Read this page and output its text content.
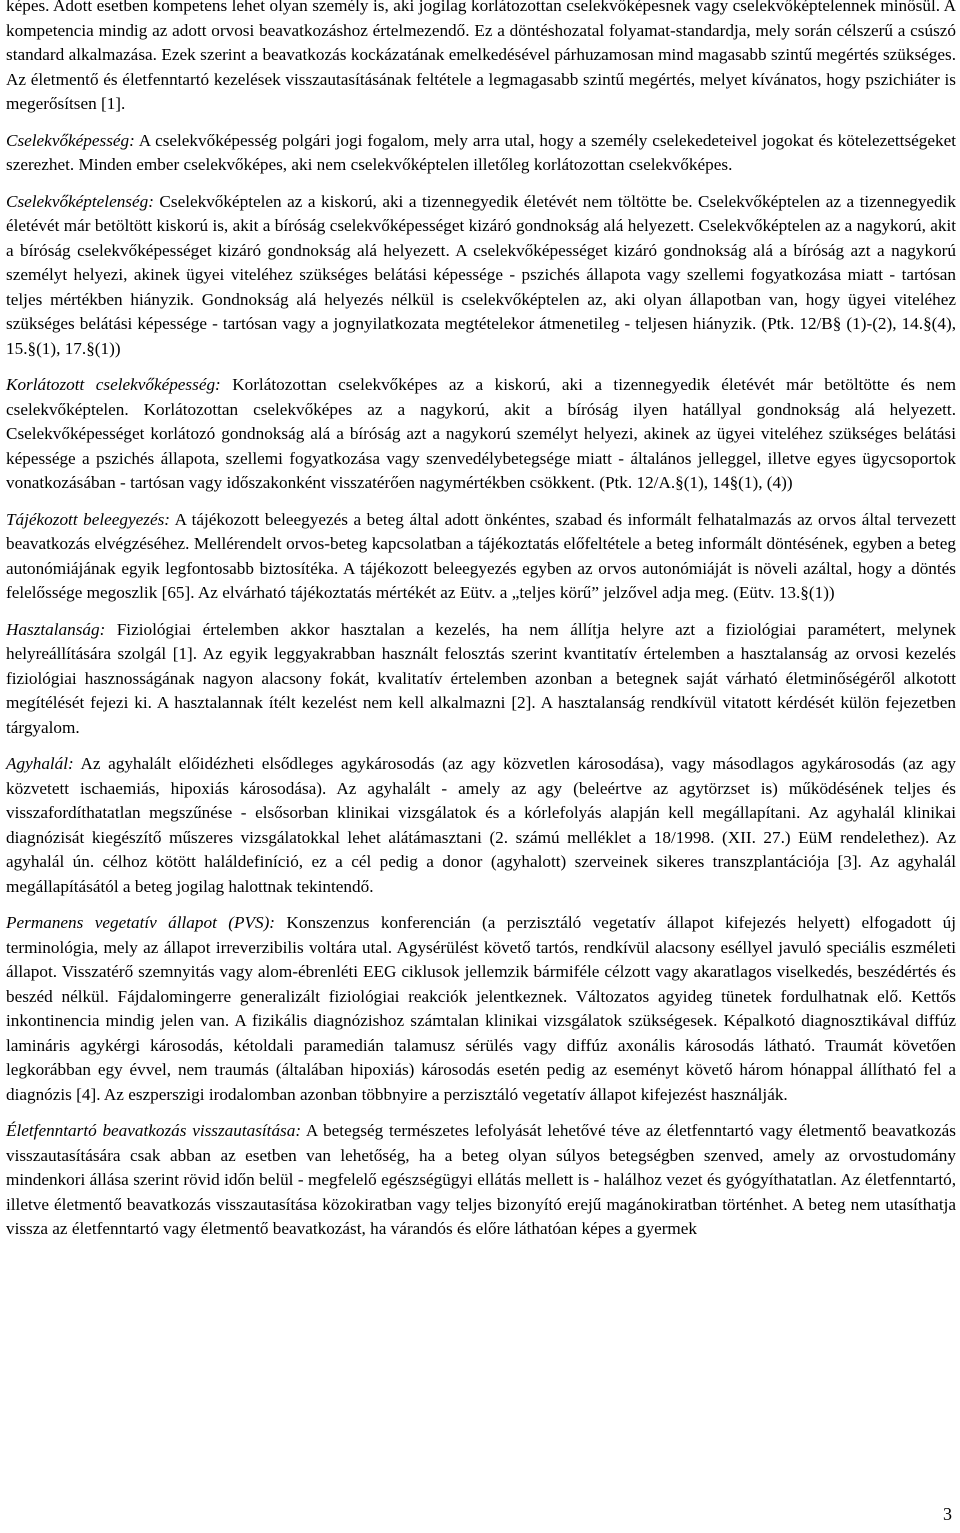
képes. Adott esetben kompetens lehet olyan személy is, aki jogilag korlátozottan cselekvőképesnek vagy cselekvőképtelennek minősül. A kompetencia mindig az adott orvosi beavatkozáshoz értelmezendő. Ez a döntéshozatal folyamat-standardja, mely során célszerű a csúszó standard alkalmazása. Ezek szerint a beavatkozás kockázatának emelkedésével párhuzamosan mind magasabb szintű megértés szükséges. Az életmentő és életfenntartó kezelések visszautasításának feltétele a legmagasabb szintű megértés, melyet kívánatos, hogy pszichiáter is megerősítsen [1].

Cselekvőképesség: A cselekvőképesség polgári jogi fogalom, mely arra utal, hogy a személy cselekedeteivel jogokat és kötelezettségeket szerezhet. Minden ember cselekvőképes, aki nem cselekvőképtelen illetőleg korlátozottan cselekvőképes.

Cselekvőképtelenség: Cselekvőképtelen az a kiskorú, aki a tizennegyedik életévét nem töltötte be. Cselekvőképtelen az a tizennegyedik életévét már betöltött kiskorú is, akit a bíróság cselekvőképességet kizáró gondnokság alá helyezett. Cselekvőképtelen az a nagykorú, akit a bíróság cselekvőképességet kizáró gondnokság alá helyezett. A cselekvőképességet kizáró gondnokság alá a bíróság azt a nagykorú személyt helyezi, akinek ügyei viteléhez szükséges belátási képessége - pszichés állapota vagy szellemi fogyatkozása miatt - tartósan teljes mértékben hiányzik. Gondnokság alá helyezés nélkül is cselekvőképtelen az, aki olyan állapotban van, hogy ügyei viteléhez szükséges belátási képessége - tartósan vagy a jognyilatkozata megtételekor átmenetileg - teljesen hiányzik. (Ptk. 12/B§ (1)-(2), 14.§(4), 15.§(1), 17.§(1))

Korlátozott cselekvőképesség: Korlátozottan cselekvőképes az a kiskorú, aki a tizennegyedik életévét már betöltötte és nem cselekvőképtelen. Korlátozottan cselekvőképes az a nagykorú, akit a bíróság ilyen hatállyal gondnokság alá helyezett. Cselekvőképességet korlátozó gondnokság alá a bíróság azt a nagykorú személyt helyezi, akinek az ügyei viteléhez szükséges belátási képessége a pszichés állapota, szellemi fogyatkozása vagy szenvedélybetegsége miatt - általános jelleggel, illetve egyes ügycsoportok vonatkozásában - tartósan vagy időszakonként visszatérően nagymértékben csökkent. (Ptk. 12/A.§(1), 14§(1), (4))

Tájékozott beleegyezés: A tájékozott beleegyezés a beteg által adott önkéntes, szabad és informált felhatalmazás az orvos által tervezett beavatkozás elvégzéséhez. Mellérendelt orvos-beteg kapcsolatban a tájékoztatás előfeltétele a beteg informált döntésének, egyben a beteg autonómiájának egyik legfontosabb biztosítéka. A tájékozott beleegyezés egyben az orvos autonómiáját is növeli azáltal, hogy a döntés felelőssége megoszlik [65]. Az elvárható tájékoztatás mértékét az Eütv. a „teljes körű” jelzővel adja meg. (Eütv. 13.§(1))

Hasztalanság: Fiziológiai értelemben akkor hasztalan a kezelés, ha nem állítja helyre azt a fiziológiai paramétert, melynek helyreállítására szolgál [1]. Az egyik leggyakrabban használt felosztás szerint kvantitatív értelemben a hasztalanság az orvosi kezelés fiziológiai hasznosságának nagyon alacsony fokát, kvalitatív értelemben azonban a betegnek saját várható életminőségéről alkotott megítélését fejezi ki. A hasztalannak ítélt kezelést nem kell alkalmazni [2]. A hasztalanság rendkívül vitatott kérdését külön fejezetben tárgyalom.

Agyhalál: Az agyhalált előidézheti elsődleges agykárosodás (az agy közvetlen károsodása), vagy másodlagos agykárosodás (az agy közvetett ischaemiás, hipoxiás károsodása). Az agyhalált - amely az agy (beleértve az agytörzset is) működésének teljes és visszafordíthatatlan megszűnése - elsősorban klinikai vizsgálatok és a kórlefolyás alapján kell megállapítani. Az agyhalál klinikai diagnózisát kiegészítő műszeres vizsgálatokkal lehet alátámasztani (2. számú melléklet a 18/1998. (XII. 27.) EüM rendelethez). Az agyhalál ún. célhoz kötött haláldefiníció, ez a cél pedig a donor (agyhalott) szerveinek sikeres transzplantációja [3]. Az agyhalál megállapításától a beteg jogilag halottnak tekintendő.

Permanens vegetatív állapot (PVS): Konszenzus konferencián (a perzisztáló vegetatív állapot kifejezés helyett) elfogadott új terminológia, mely az állapot irreverzibilis voltára utal. Agysérülést követő tartós, rendkívül alacsony eséllyel javuló speciális eszméleti állapot. Visszatérő szemnyitás vagy alom-ébrenléti EEG ciklusok jellemzik bármiféle célzott vagy akaratlagos viselkedés, beszédértés és beszéd nélkül. Fájdalomingerre generalizált fiziológiai reakciók jelentkeznek. Változatos agyideg tünetek fordulhatnak elő. Kettős inkontinencia mindig jelen van. A fizikális diagnózishoz számtalan klinikai vizsgálatok szükségesek. Képalkotó diagnosztikával diffúz lamináris agykérgi károsodás, kétoldali paramedián talamusz sérülés vagy diffúz axonális károsodás látható. Traumát követően legkorábban egy évvel, nem traumás (általában hipoxiás) károsodás esetén pedig az eseményt követő három hónappal állítható fel a diagnózis [4]. Az eszperszigi irodalomban azonban többnyire a perzisztáló vegetatív állapot kifejezést használják.

Életfenntartó beavatkozás visszautasítása: A betegség természetes lefolyását lehetővé téve az életfenntartó vagy életmentő beavatkozás visszautasítására csak abban az esetben van lehetőség, ha a beteg olyan súlyos betegségben szenved, amely az orvostudomány mindenkori állása szerint rövid időn belül - megfelelő egészségügyi ellátás mellett is - halálhoz vezet és gyógyíthatatlan. Az életfenntartó, illetve életmentő beavatkozás visszautasítása közokiratban vagy teljes bizonyító erejű magánokiratban történhet. A beteg nem utasíthatja vissza az életfenntartó vagy életmentő beavatkozást, ha várandós és előre láthatóan képes a gyermek

3
